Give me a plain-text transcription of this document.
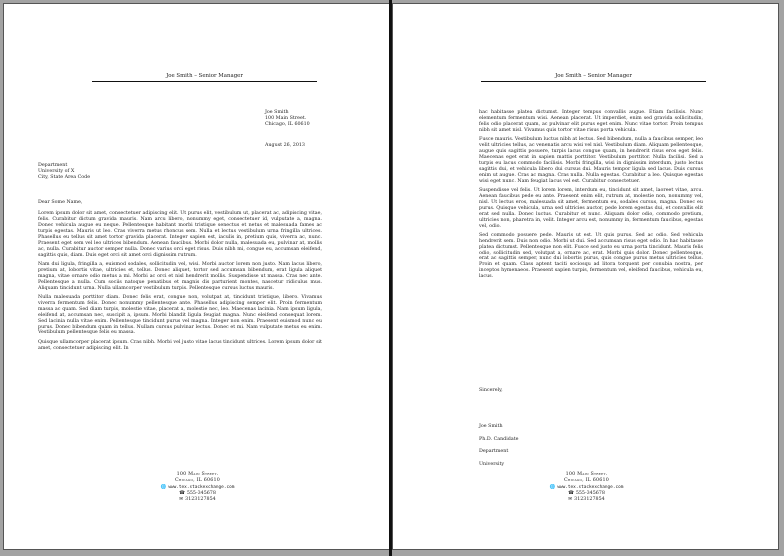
Joe Smith – Senior Manager
Joe Smith
100 Main Street.
Chicago, IL 60610
August 26, 2013
Department
University of X
City, State Area Code
Dear Some Name,

Lorem ipsum dolor sit amet, consectetuer adipiscing elit. Ut purus elit, vestibulum ut, placerat ac, adipiscing vitae, felis. Curabitur dictum gravida mauris. Nam arcu libero, nonummy eget, consectetuer id, vulputate a, magna. Donec vehicula augue eu neque. Pellentesque habitant morbi tristique senectus et netus et malesuada fames ac turpis egestas. Mauris ut leo. Cras viverra metus rhoncus sem. Nulla et lectus vestibulum urna fringilla ultrices. Phasellus eu tellus sit amet tortor gravida placerat. Integer sapien est, iaculis in, pretium quis, viverra ac, nunc. Praesent eget sem vel leo ultrices bibendum. Aenean faucibus. Morbi dolor nulla, malesuada eu, pulvinar at, mollis ac, nulla. Curabitur auctor semper nulla. Donec varius orci eget risus. Duis nibh mi, congue eu, accumsan eleifend, sagittis quis, diam. Duis eget orci sit amet orci dignissim rutrum.

Nam dui ligula, fringilla a, euismod sodales, sollicitudin vel, wisi. Morbi auctor lorem non justo. Nam lacus libero, pretium at, lobortis vitae, ultricies et, tellus. Donec aliquet, tortor sed accumsan bibendum, erat ligula aliquet magna, vitae ornare odio metus a mi. Morbi ac orci et nisl hendrerit mollis. Suspendisse ut massa. Cras nec ante. Pellentesque a nulla. Cum sociis natoque penatibus et magnis dis parturient montes, nascetur ridiculus mus. Aliquam tincidunt urna. Nulla ullamcorper vestibulum turpis. Pellentesque cursus luctus mauris.

Nulla malesuada porttitor diam. Donec felis erat, congue non, volutpat at, tincidunt tristique, libero. Vivamus viverra fermentum felis. Donec nonummy pellentesque ante. Phasellus adipiscing semper elit. Proin fermentum massa ac quam. Sed diam turpis, molestie vitae, placerat a, molestie nec, leo. Maecenas lacinia. Nam ipsum ligula, eleifend at, accumsan nec, suscipit a, ipsum. Morbi blandit ligula feugiat magna. Nunc eleifend consequat lorem. Sed lacinia nulla vitae enim. Pellentesque tincidunt purus vel magna. Integer non enim. Praesent euismod nunc eu purus. Donec bibendum quam in tellus. Nullam cursus pulvinar lectus. Donec et mi. Nam vulputate metus eu enim. Vestibulum pellentesque felis eu massa.

Quisque ullamcorper placerat ipsum. Cras nibh. Morbi vel justo vitae lacus tincidunt ultrices. Lorem ipsum dolor sit amet, consectetuer adipiscing elit. In

100 Main Street.
Chicago, IL 60610
🌐 www.tex.stackexchange.com
☎ 555-345678
✉ 3123127854
Joe Smith – Senior Manager

hac habitasse platea dictumst. Integer tempus convallis augue. Etiam facilisis. Nunc elementum fermentum wisi. Aenean placerat. Ut imperdiet, enim sed gravida sollicitudin, felis odio placerat quam, ac pulvinar elit purus eget enim. Nunc vitae tortor. Proin tempus nibh sit amet nisl. Vivamus quis tortor vitae risus porta vehicula.

Fusce mauris. Vestibulum luctus nibh at lectus. Sed bibendum, nulla a faucibus semper, leo velit ultricies tellus, ac venenatis arcu wisi vel nisl. Vestibulum diam. Aliquam pellentesque, augue quis sagittis posuere, turpis lacus congue quam, in hendrerit risus eros eget felis. Maecenas eget erat in sapien mattis porttitor. Vestibulum porttitor. Nulla facilisi. Sed a turpis eu lacus commodo facilisis. Morbi fringilla, wisi in dignissim interdum, justo lectus sagittis dui, et vehicula libero dui cursus dui. Mauris tempor ligula sed lacus. Duis cursus enim ut augue. Cras ac magna. Cras nulla. Nulla egestas. Curabitur a leo. Quisque egestas wisi eget nunc. Nam feugiat lacus vel est. Curabitur consectetuer.

Suspendisse vel felis. Ut lorem lorem, interdum eu, tincidunt sit amet, laoreet vitae, arcu. Aenean faucibus pede eu ante. Praesent enim elit, rutrum at, molestie non, nonummy vel, nisl. Ut lectus eros, malesuada sit amet, fermentum eu, sodales cursus, magna. Donec eu purus. Quisque vehicula, urna sed ultricies auctor, pede lorem egestas dui, et convallis elit erat sed nulla. Donec luctus. Curabitur et nunc. Aliquam dolor odio, commodo pretium, ultricies non, pharetra in, velit. Integer arcu est, nonummy in, fermentum faucibus, egestas vel, odio.

Sed commodo posuere pede. Mauris ut est. Ut quis purus. Sed ac odio. Sed vehicula hendrerit sem. Duis non odio. Morbi ut dui. Sed accumsan risus eget odio. In hac habitasse platea dictumst. Pellentesque non elit. Fusce sed justo eu urna porta tincidunt. Mauris felis odio, sollicitudin sed, volutpat a, ornare ac, erat. Morbi quis dolor. Donec pellentesque, erat ac sagittis semper, nunc dui lobortis purus, quis congue purus metus ultricies tellus. Proin et quam. Class aptent taciti sociosqu ad litora torquent per conubia nostra, per inceptos hymenaeos. Praesent sapien turpis, fermentum vel, eleifend faucibus, vehicula eu, lacus.

Sincerely,
Joe Smith
Ph.D. Candidate
Department
University
100 Main Street.
Chicago, IL 60610
🌐 www.tex.stackexchange.com
☎ 555-345678
✉ 3123127854
